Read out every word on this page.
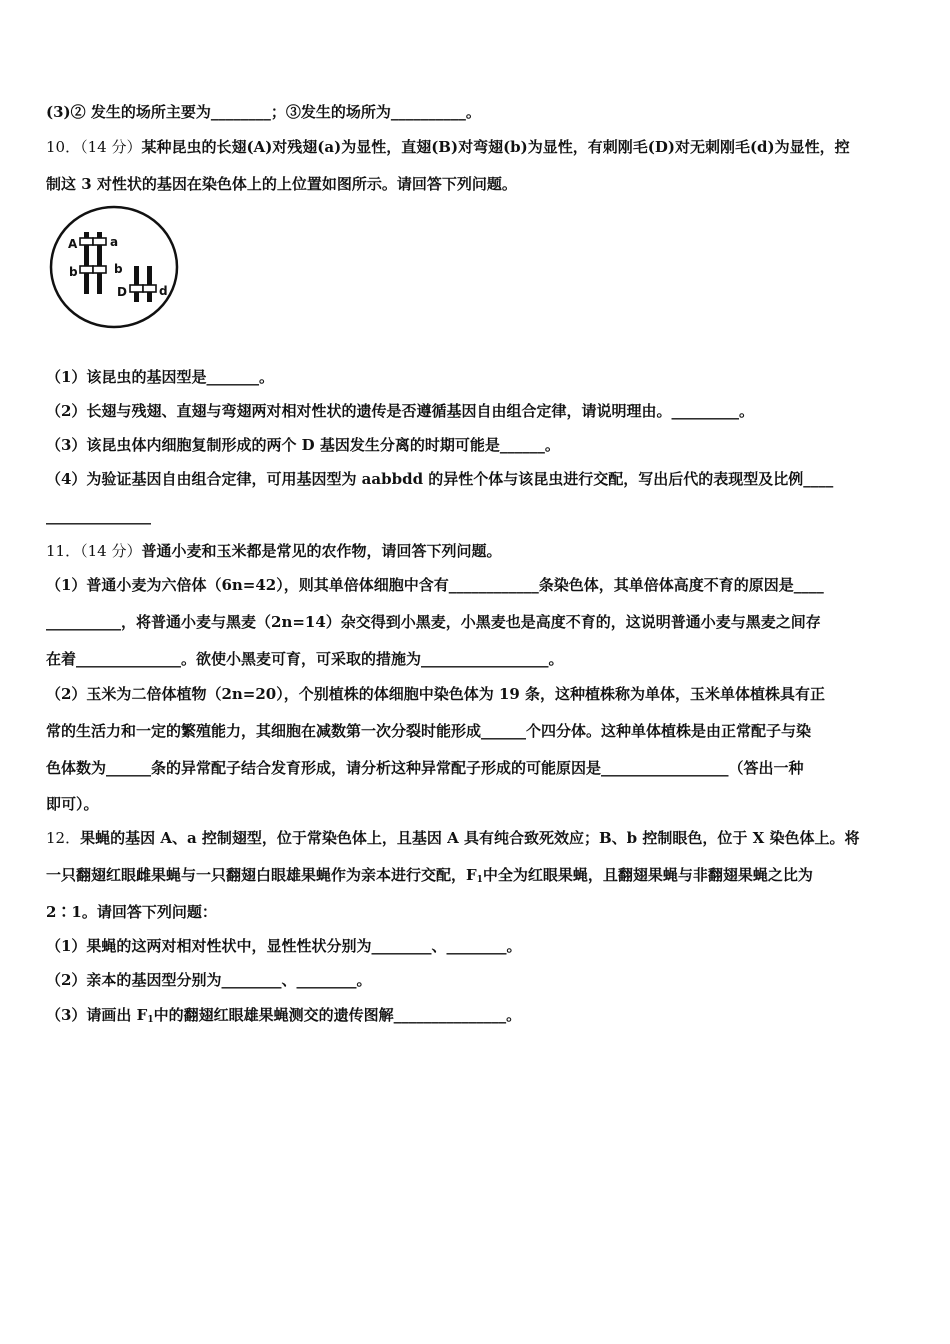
(3)② 发生的场所主要为________；③发生的场所为__________。
10．（14 分）某种昆虫的长翅(A)对残翅(a)为显性，直翅(B)对弯翅(b)为显性，有刺刚毛(D)对无刺刚毛(d)为显性，控
制这 3 对性状的基因在染色体上的上位置如图所示。请回答下列问题。
A	a
b	b
D	d
（1）该昆虫的基因型是_______。
（2）长翅与残翅、直翅与弯翅两对相对性状的遗传是否遵循基因自由组合定律，请说明理由。_________。
（3）该昆虫体内细胞复制形成的两个 D 基因发生分离的时期可能是______。
（4）为验证基因自由组合定律，可用基因型为 aabbdd 的异性个体与该昆虫进行交配，写出后代的表现型及比例____
______________
11．（14 分）普通小麦和玉米都是常见的农作物，请回答下列问题。
（1）普通小麦为六倍体（6n=42），则其单倍体细胞中含有____________条染色体，其单倍体高度不育的原因是____
__________，将普通小麦与黑麦（2n=14）杂交得到小黑麦，小黑麦也是高度不育的，这说明普通小麦与黑麦之间存
在着______________。欲使小黑麦可育，可采取的措施为_________________。
（2）玉米为二倍体植物（2n=20），个别植株的体细胞中染色体为 19 条，这种植株称为单体，玉米单体植株具有正
常的生活力和一定的繁殖能力，其细胞在减数第一次分裂时能形成______个四分体。这种单体植株是由正常配子与染
色体数为______条的异常配子结合发育形成，请分析这种异常配子形成的可能原因是_________________（答出一种
即可）。
12．果蝇的基因 A、a 控制翅型，位于常染色体上，且基因 A 具有纯合致死效应；B、b 控制眼色，位于 X 染色体上。将
一只翻翅红眼雌果蝇与一只翻翅白眼雄果蝇作为亲本进行交配，$F_1$中全为红眼果蝇，且翻翅果蝇与非翻翅果蝇之比为
2∶1。请回答下列问题：
（1）果蝇的这两对相对性状中，显性性状分别为________、________。
（2）亲本的基因型分别为________、________。
（3）请画出 $F_1$中的翻翅红眼雄果蝇测交的遗传图解_______________。
